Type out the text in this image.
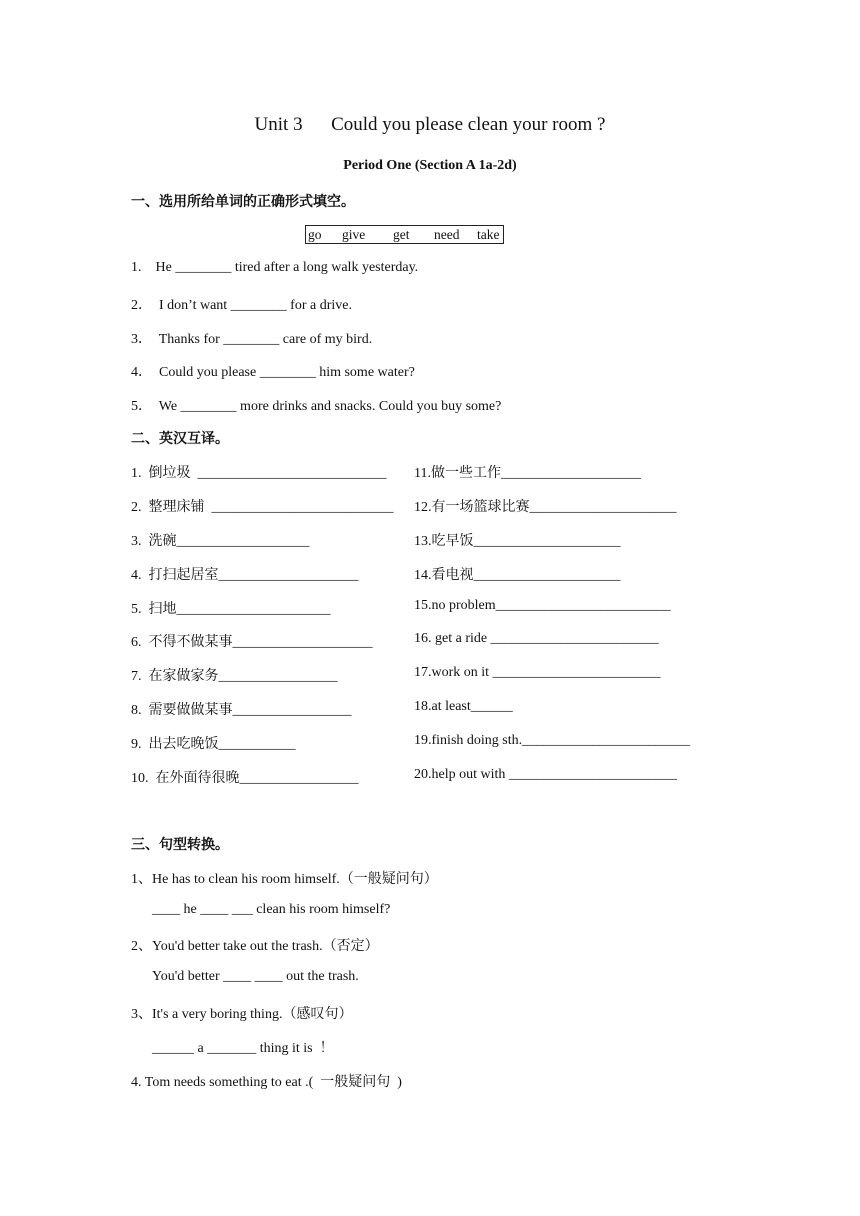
Unit 3      Could you please clean your room ?
Period One (Section A 1a-2d)
一、选用所给单词的正确形式填空。

go

give

get

need

take

1.    He ________ tired after a long walk yesterday.
2．  I don’t want ________ for a drive.
3．  Thanks for ________ care of my bird.
4．  Could you please ________ him some water?
5．  We ________ more drinks and snacks. Could you buy some?
二、英汉互译。
1.  倒垃圾  ___________________________
2.  整理床铺  __________________________
3.  洗碗___________________
4.  打扫起居室____________________
5.  扫地______________________
6.  不得不做某事____________________
7.  在家做家务_________________
8.  需要做做某事_________________
9.  出去吃晚饭___________
10.  在外面待很晚_________________
11.做一些工作____________________
12.有一场篮球比赛_____________________
13.吃早饭_____________________
14.看电视_____________________
15.no problem_________________________
16. get a ride ________________________
17.work on it ________________________
18.at least______
19.finish doing sth.________________________
20.help out with ________________________
三、句型转换。
1、He has to clean his room himself.（一般疑问句）
____ he ____ ___ clean his room himself?
2、You'd better take out the trash.（否定）
You'd better ____ ____ out the trash.
3、It's a very boring thing.（感叹句）
______ a _______ thing it is  ！
4. Tom needs something to eat .(  一般疑问句  )
